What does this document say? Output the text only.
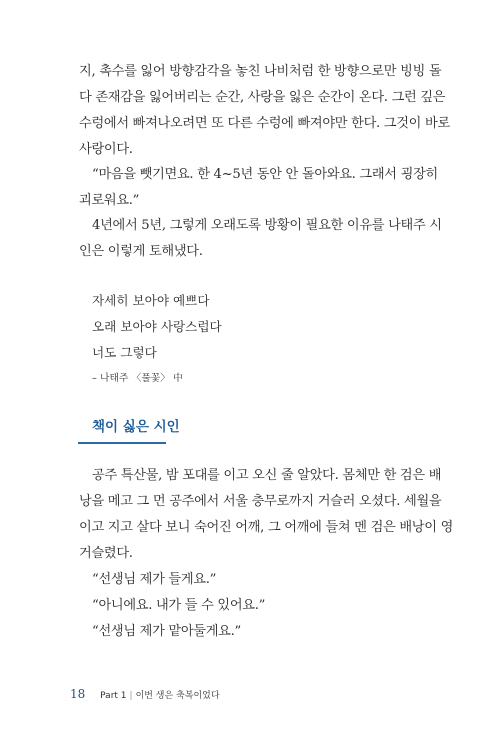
지, 촉수를 잃어 방향감각을 놓친 나비처럼 한 방향으로만 빙빙 돌
다 존재감을 잃어버리는 순간, 사랑을 잃은 순간이 온다. 그런 깊은
수렁에서 빠져나오려면 또 다른 수렁에 빠져야만 한다. 그것이 바로
사랑이다.
“마음을 뺏기면요. 한 4~5년 동안 안 돌아와요. 그래서 굉장히
괴로워요.”
4년에서 5년, 그렇게 오래도록 방황이 필요한 이유를 나태주 시
인은 이렇게 토해냈다.
자세히 보아야 예쁘다
오래 보아야 사랑스럽다
너도 그렇다
– 나태주 〈풀꽃〉 中
책이 싫은 시인
공주 특산물, 밤 포대를 이고 오신 줄 알았다. 몸체만 한 검은 배
낭을 메고 그 먼 공주에서 서울 충무로까지 거슬러 오셨다. 세월을
이고 지고 살다 보니 숙어진 어깨, 그 어깨에 들쳐 멘 검은 배낭이 영
거슬렸다.
“선생님 제가 들게요.”
“아니에요. 내가 들 수 있어요.”
“선생님 제가 맡아둘게요.”
18 Part 1 | 이번 생은 축복이었다
